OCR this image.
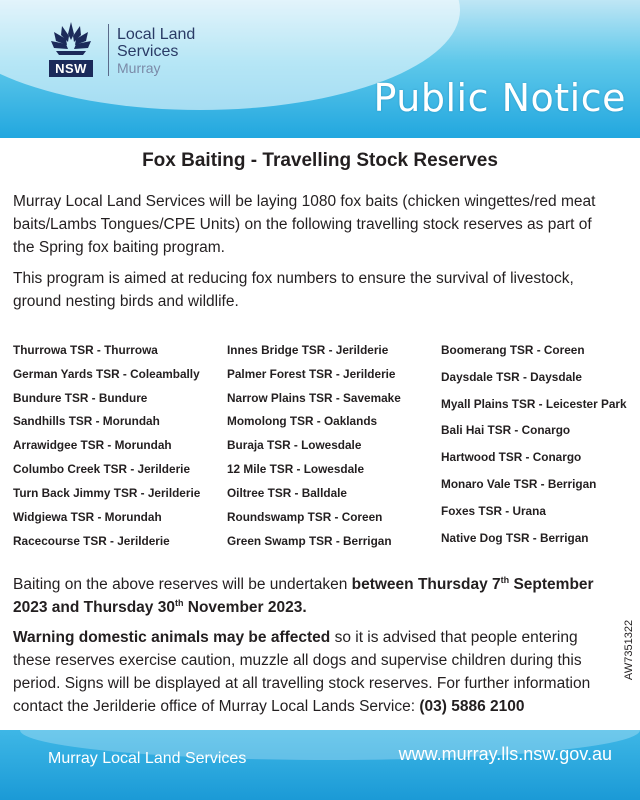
NSW
Local Land
Services
Murray
Public Notice
Fox Baiting - Travelling Stock Reserves

Murray Local Land Services will be laying 1080 fox baits (chicken wingettes/red meat baits/Lambs Tongues/CPE Units) on the following travelling stock reserves as part of the Spring fox baiting program.

This program is aimed at reducing fox numbers to ensure the survival of livestock, ground nesting birds and wildlife.

Thurrowa TSR - Thurrowa
German Yards TSR - Coleambally
Bundure TSR - Bundure
Sandhills TSR - Morundah
Arrawidgee TSR - Morundah
Columbo Creek TSR - Jerilderie
Turn Back Jimmy TSR - Jerilderie
Widgiewa TSR - Morundah
Racecourse TSR - Jerilderie
Innes Bridge TSR - Jerilderie
Palmer Forest TSR - Jerilderie
Narrow Plains TSR - Savemake
Momolong TSR - Oaklands
Buraja TSR - Lowesdale
12 Mile TSR - Lowesdale
Oiltree TSR - Balldale
Roundswamp TSR - Coreen
Green Swamp TSR - Berrigan
Boomerang TSR - Coreen
Daysdale TSR - Daysdale
Myall Plains TSR - Leicester Park
Bali Hai TSR - Conargo
Hartwood TSR - Conargo
Monaro Vale TSR - Berrigan
Foxes TSR - Urana
Native Dog TSR - Berrigan

Baiting on the above reserves will be undertaken between Thursday 7th September 2023 and Thursday 30th November 2023.

Warning domestic animals may be affected so it is advised that people entering these reserves exercise caution, muzzle all dogs and supervise children during this period. Signs will be displayed at all travelling stock reserves. For further information contact the Jerilderie office of Murray Local Lands Service: (03) 5886 2100

AW7351322
Murray Local Land Services	www.murray.lls.nsw.gov.au
